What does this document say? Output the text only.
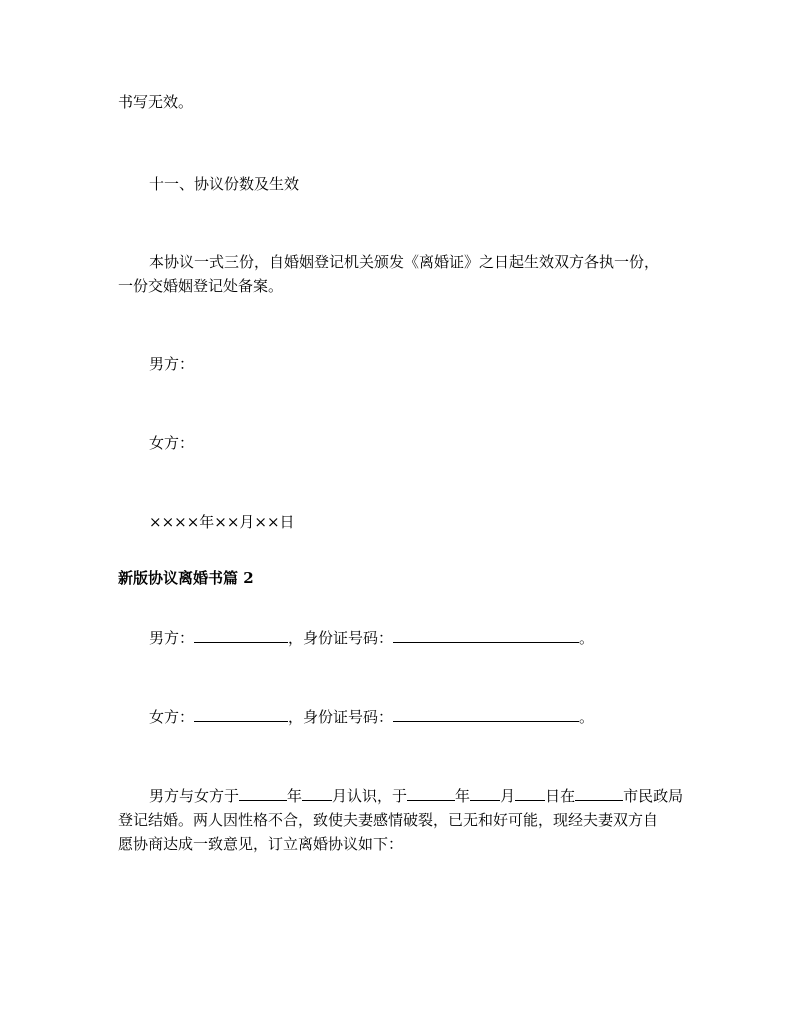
书写无效。

十一、协议份数及生效

本协议一式三份，自婚姻登记机关颁发《离婚证》之日起生效双方各执一份，

一份交婚姻登记处备案。

男方：

女方：

××××年××月××日

新版协议离婚书篇 2

男方：	，身份证号码：	。

女方：	，身份证号码：	。

男方与女方于	年 月认识，于	年 月 日在	市民政局

登记结婚。两人因性格不合，致使夫妻感情破裂，已无和好可能，现经夫妻双方自

愿协商达成一致意见，订立离婚协议如下：
